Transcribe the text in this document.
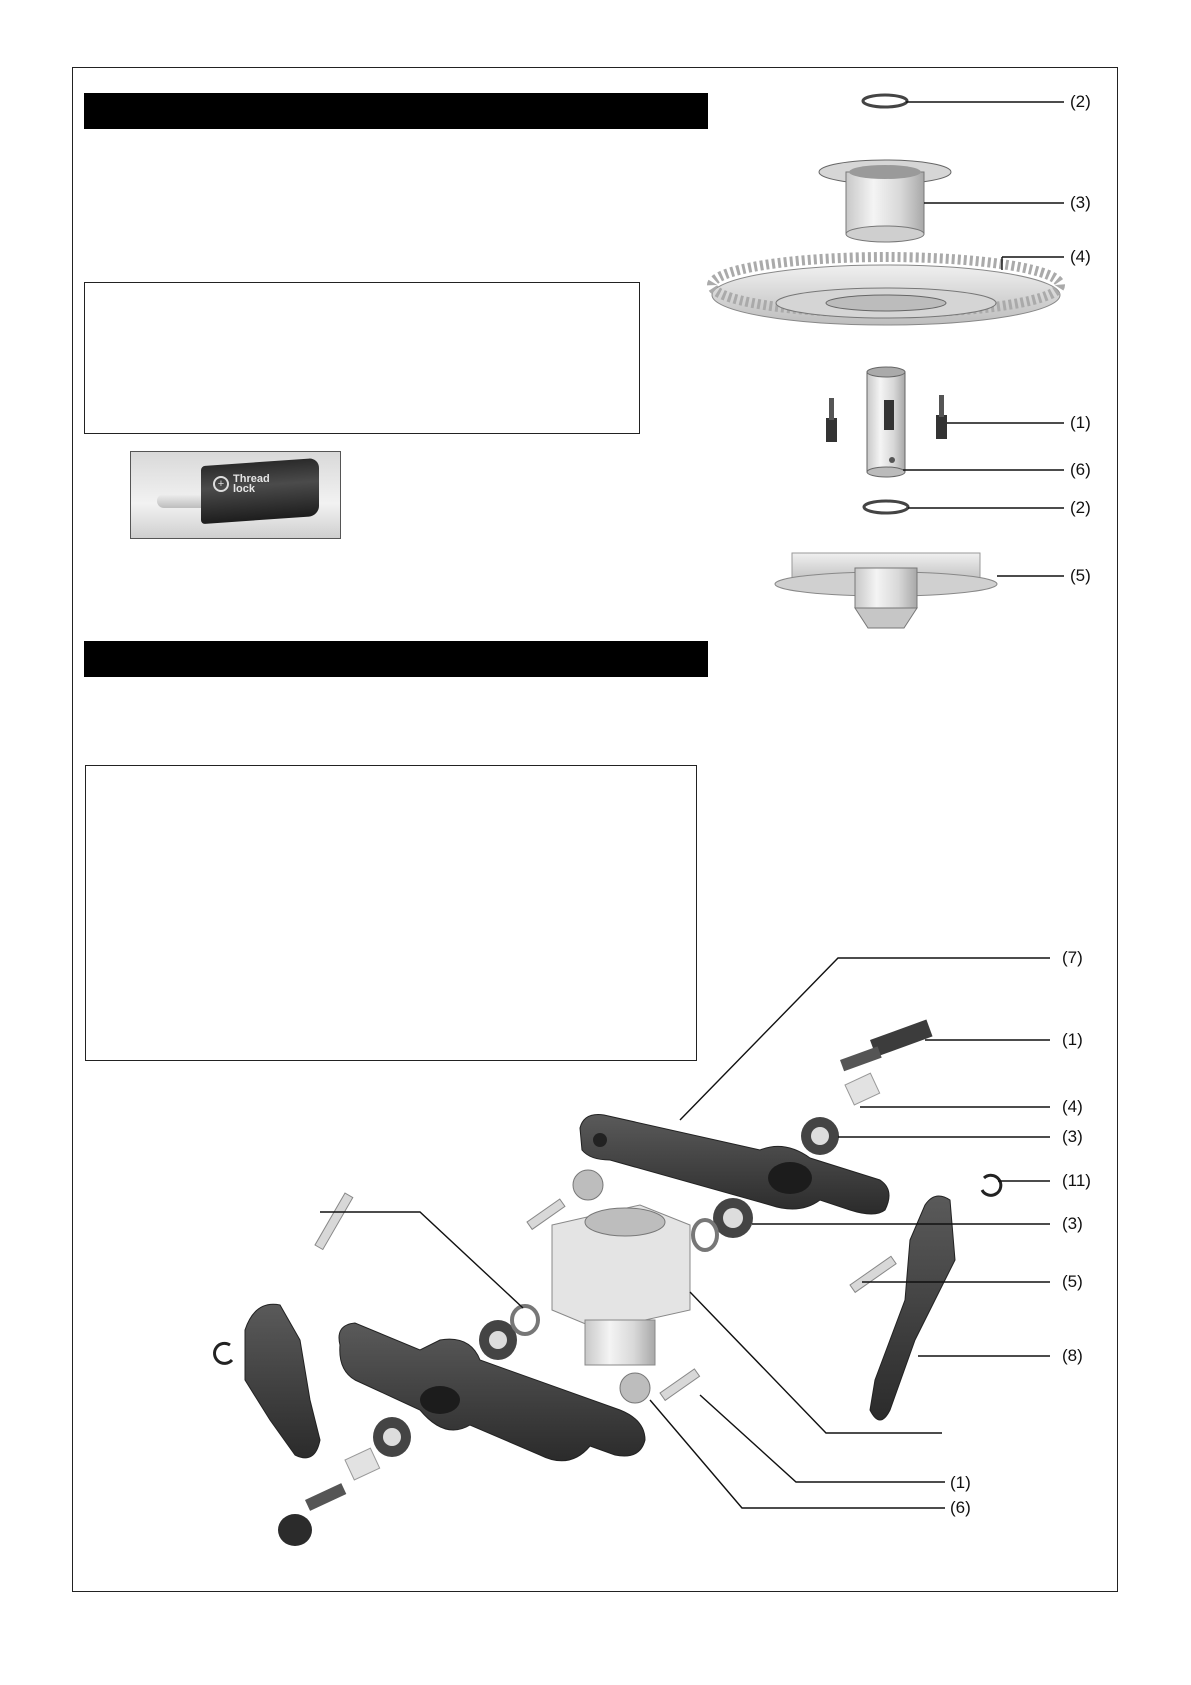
+ Thread
lock
(2)
(3)
(4)
(1)
(6)
(2)
(5)
(7)
(1)
(4)
(3)
(11)
(3)
(5)
(8)
(1)
(6)
